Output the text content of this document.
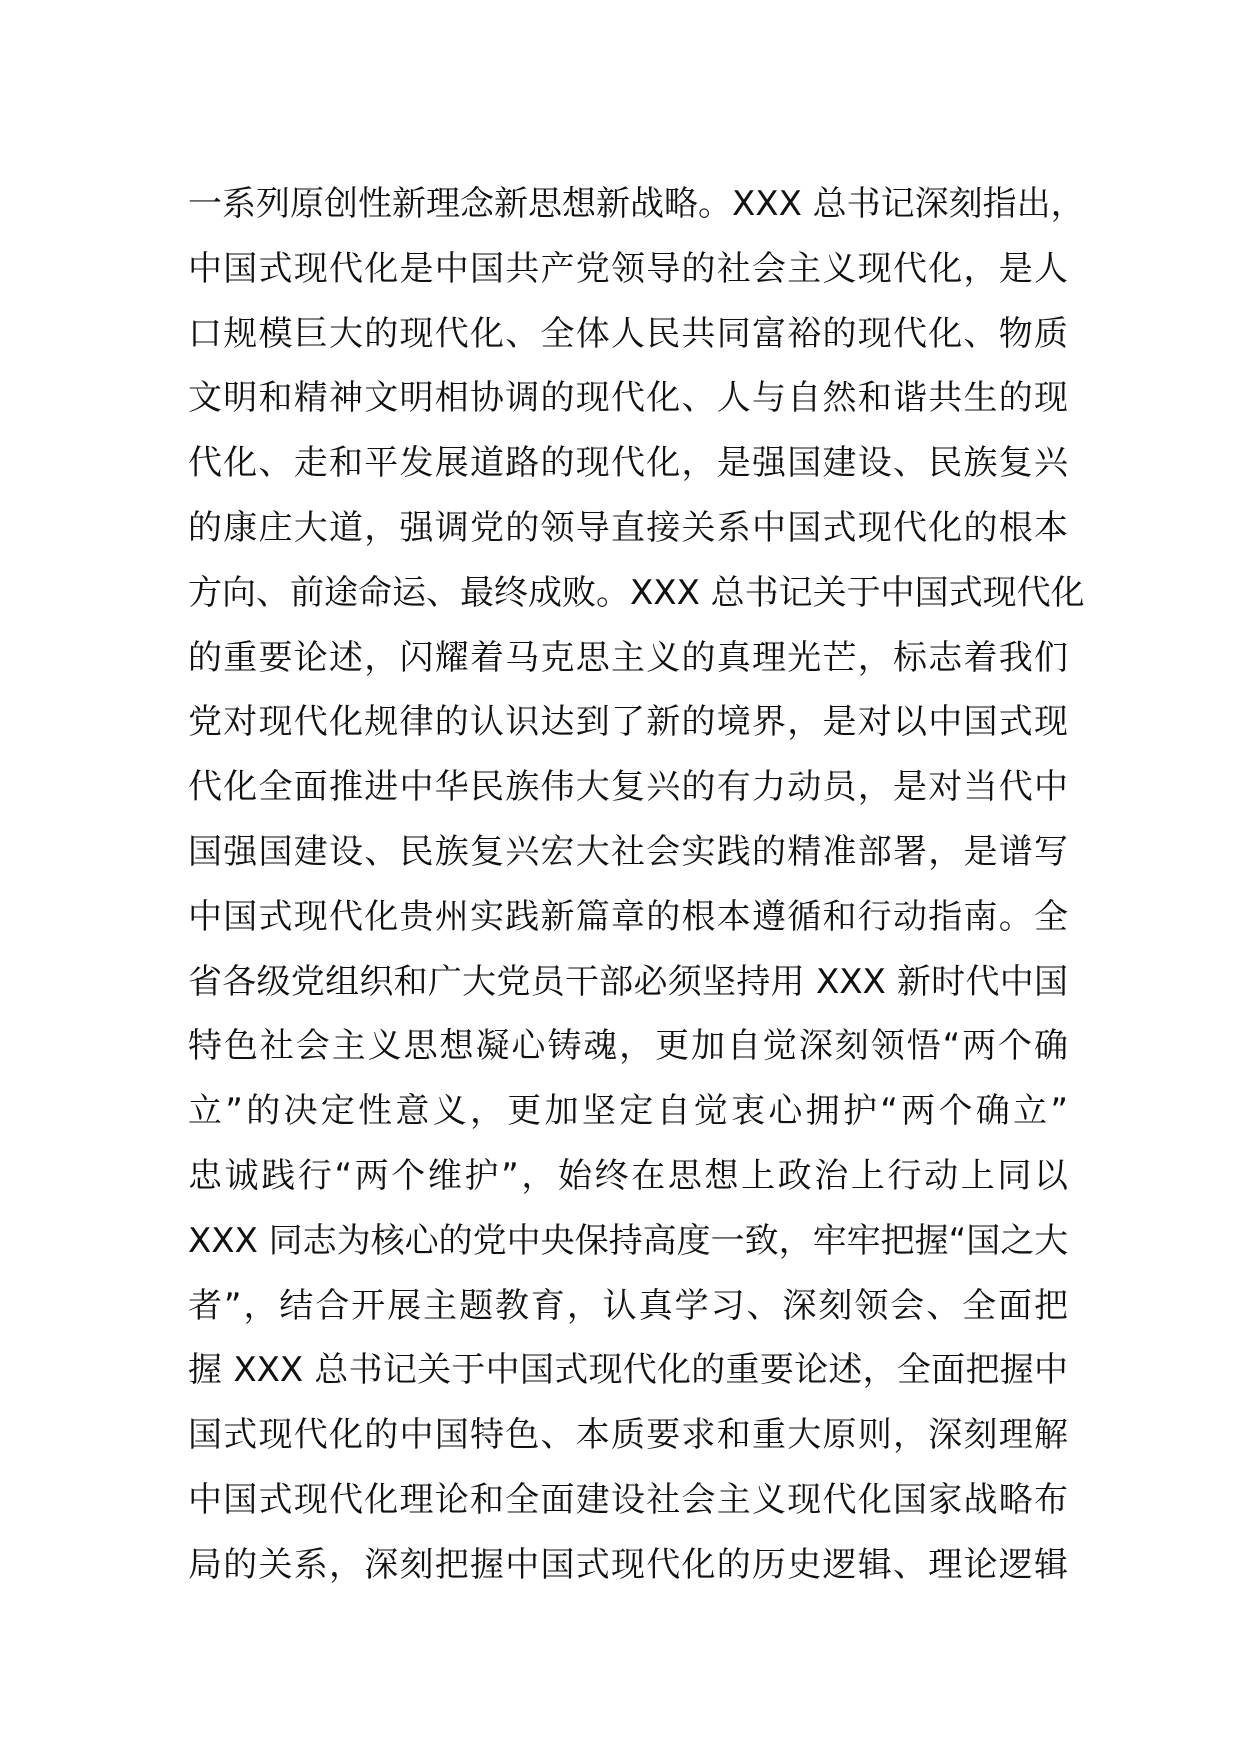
一系列原创性新理念新思想新战略。XXX 总书记深刻指出，
中国式现代化是中国共产党领导的社会主义现代化，是人
口规模巨大的现代化、全体人民共同富裕的现代化、物质
文明和精神文明相协调的现代化、人与自然和谐共生的现
代化、走和平发展道路的现代化，是强国建设、民族复兴
的康庄大道，强调党的领导直接关系中国式现代化的根本
方向、前途命运、最终成败。XXX 总书记关于中国式现代化
的重要论述，闪耀着马克思主义的真理光芒，标志着我们
党对现代化规律的认识达到了新的境界，是对以中国式现
代化全面推进中华民族伟大复兴的有力动员，是对当代中
国强国建设、民族复兴宏大社会实践的精准部署，是谱写
中国式现代化贵州实践新篇章的根本遵循和行动指南。全
省各级党组织和广大党员干部必须坚持用 XXX 新时代中国
特色社会主义思想凝心铸魂，更加自觉深刻领悟“两个确
立”的决定性意义，更加坚定自觉衷心拥护“两个确立”
忠诚践行“两个维护”，始终在思想上政治上行动上同以
XXX 同志为核心的党中央保持高度一致，牢牢把握“国之大
者”，结合开展主题教育，认真学习、深刻领会、全面把
握 XXX 总书记关于中国式现代化的重要论述，全面把握中
国式现代化的中国特色、本质要求和重大原则，深刻理解
中国式现代化理论和全面建设社会主义现代化国家战略布
局的关系，深刻把握中国式现代化的历史逻辑、理论逻辑
